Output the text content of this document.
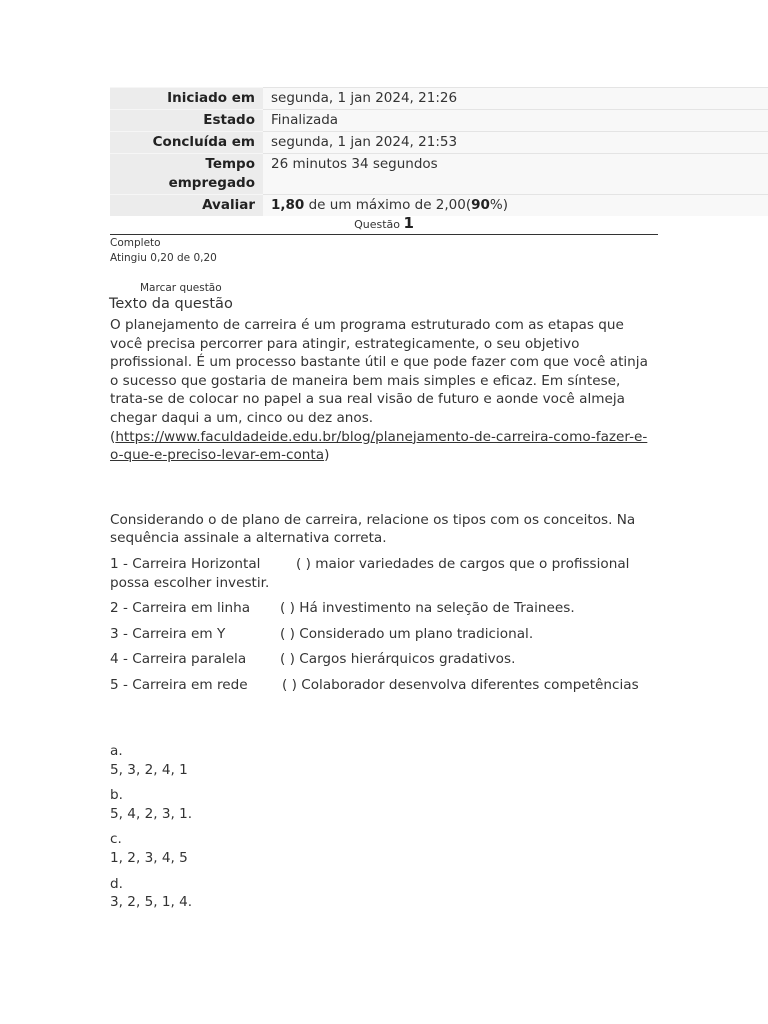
Iniciado em	segunda, 1 jan 2024, 21:26
Estado	Finalizada
Concluída em	segunda, 1 jan 2024, 21:53
Tempo empregado	26 minutos 34 segundos
Avaliar	1,80 de um máximo de 2,00(90%)
Questão 1
Completo
Atingiu 0,20 de 0,20
Marcar questão
Texto da questão

O planejamento de carreira é um programa estruturado com as etapas que você precisa percorrer para atingir, estrategicamente, o seu objetivo profissional. É um processo bastante útil e que pode fazer com que você atinja o sucesso que gostaria de maneira bem mais simples e eficaz. Em síntese, trata-se de colocar no papel a sua real visão de futuro e aonde você almeja chegar daqui a um, cinco ou dez anos. (https://www.faculdadeide.edu.br/blog/planejamento-de-carreira-como-fazer-e-o-que-e-preciso-levar-em-conta)

Considerando o de plano de carreira, relacione os tipos com os conceitos. Na sequência assinale a alternativa correta.

1 - Carreira Horizontal	( ) maior variedades de cargos que o profissional possa escolher investir.

2 - Carreira em linha ( ) Há investimento na seleção de Trainees.

3 - Carreira em Y	( ) Considerado um plano tradicional.

4 - Carreira paralela ( ) Cargos hierárquicos gradativos.

5 - Carreira em rede	( ) Colaborador desenvolva diferentes competências

a.
5, 3, 2, 4, 1
b.
5, 4, 2, 3, 1.
c.
1, 2, 3, 4, 5
d.
3, 2, 5, 1, 4.
